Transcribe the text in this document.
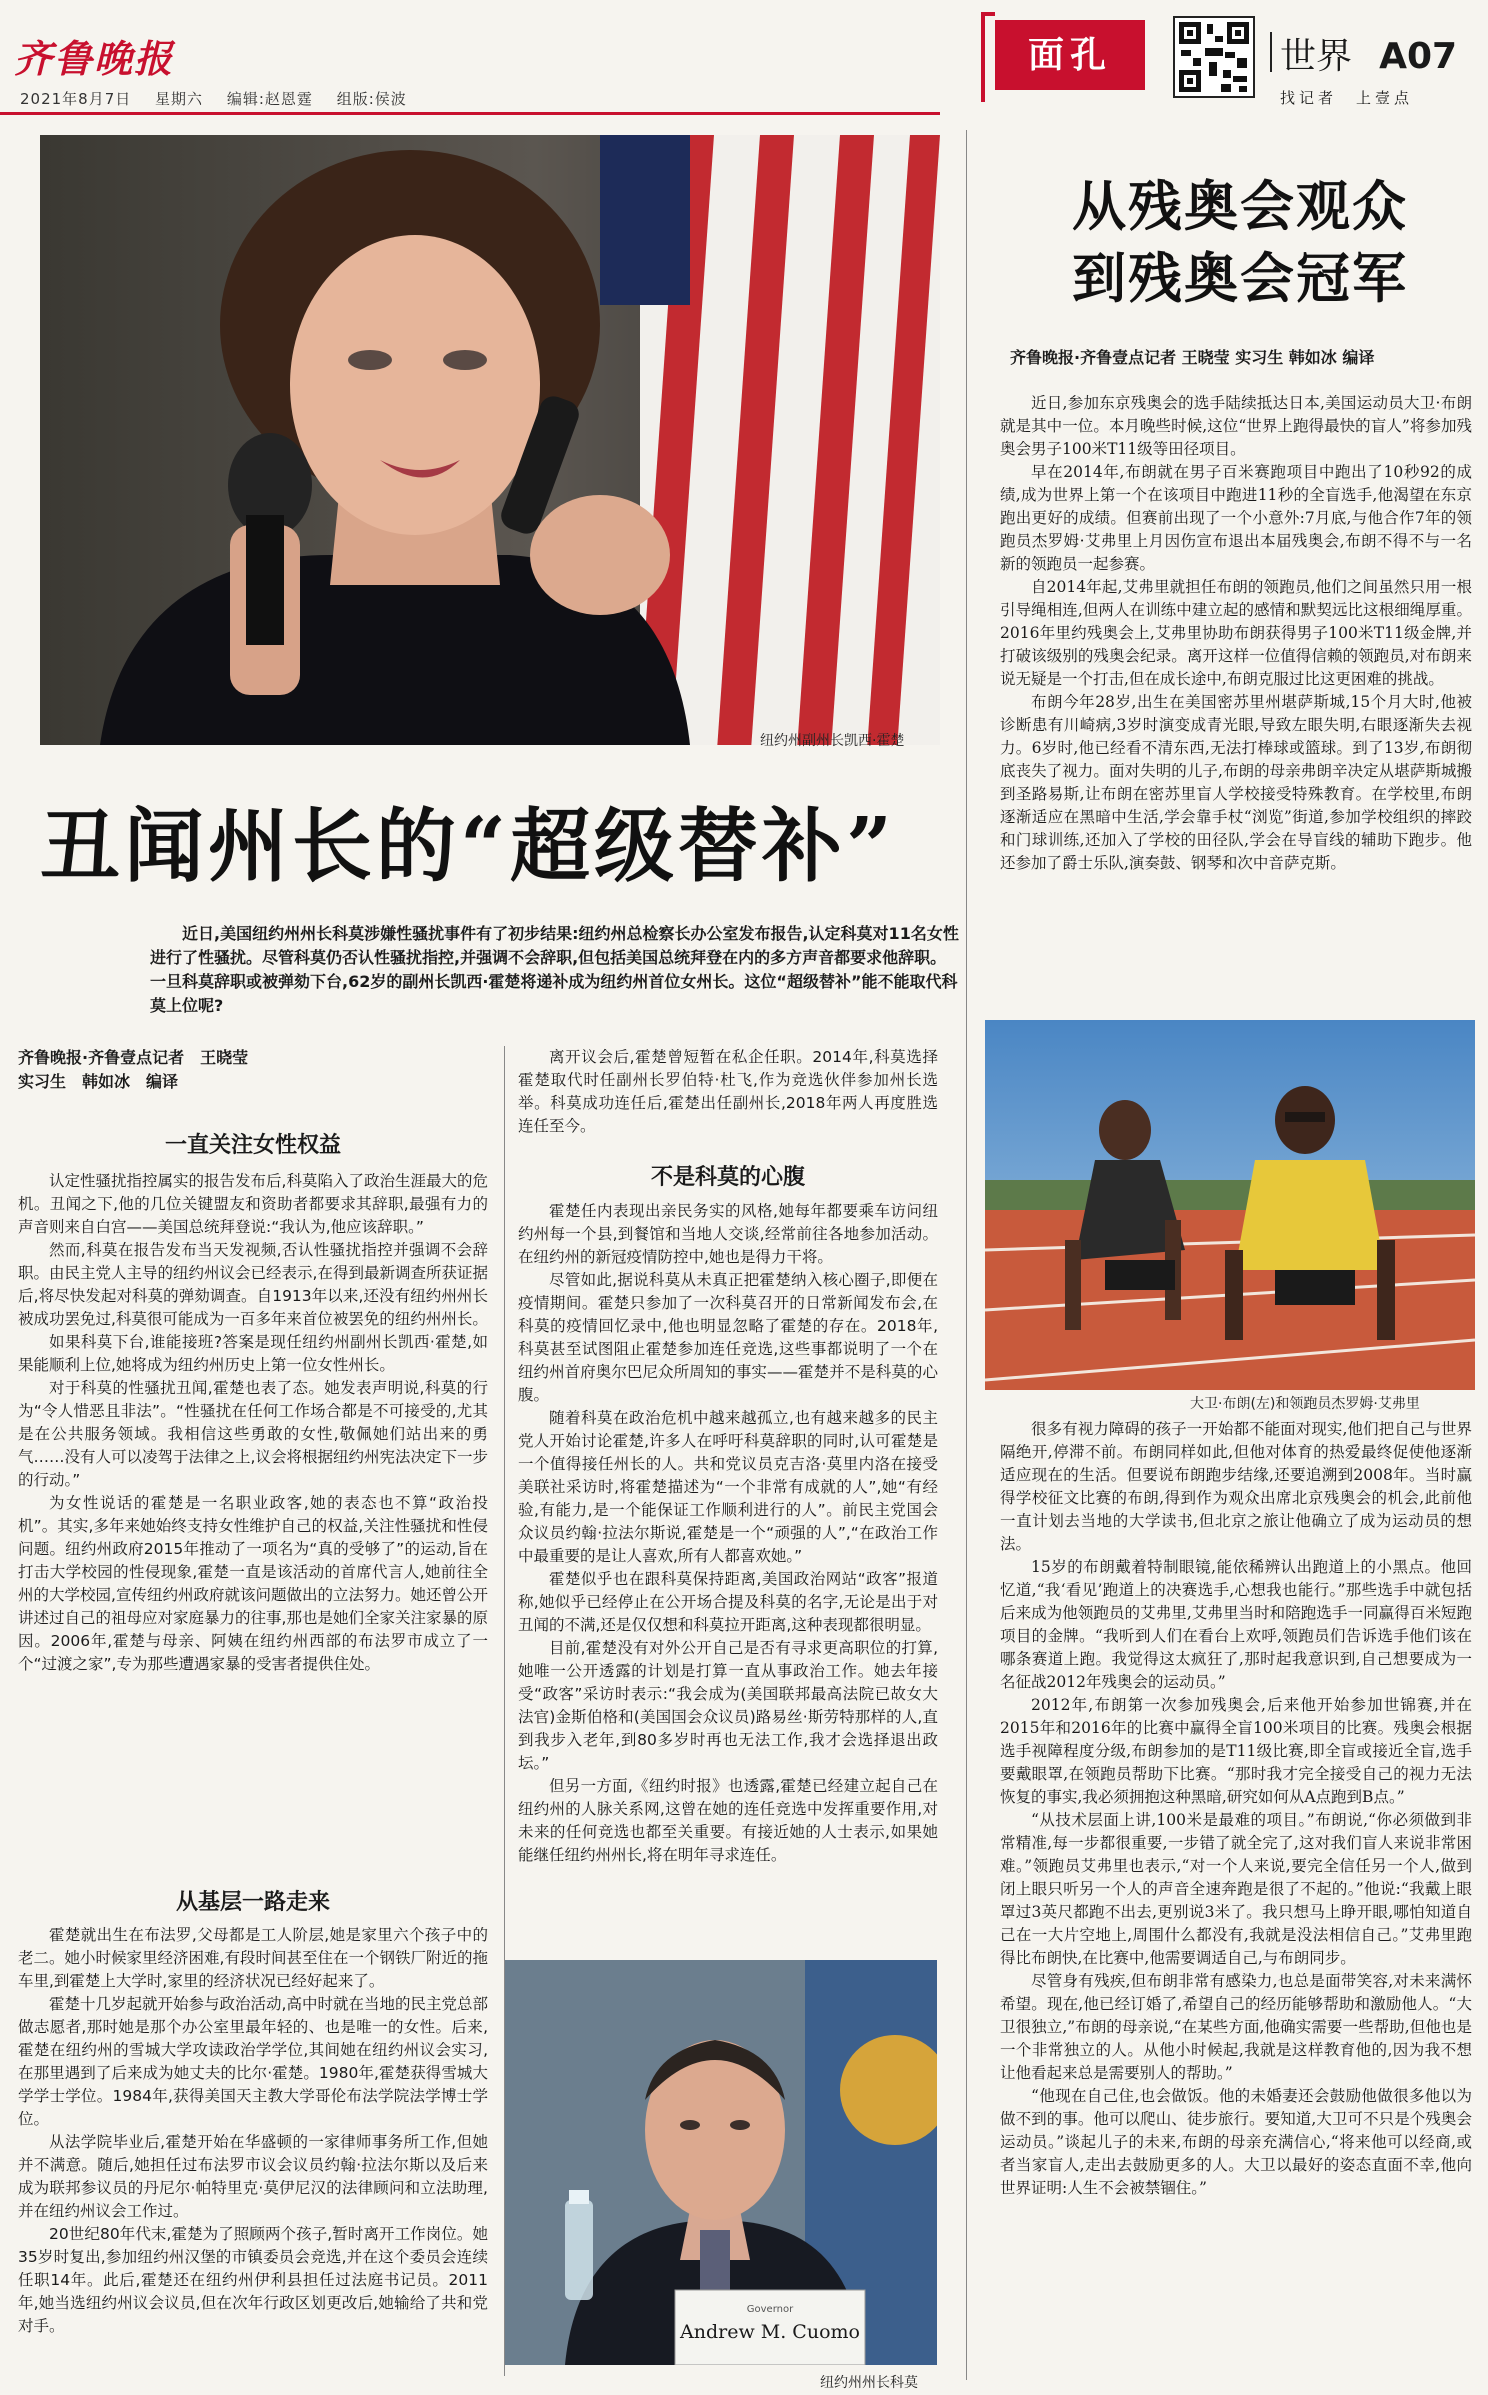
齐鲁晚报
2021年8月7日 星期六 编辑:赵恩霆 组版:侯波
面孔	世界 A07
找记者　上壹点
纽约州副州长凯西·霍楚
丑闻州长的“超级替补”
近日,美国纽约州州长科莫涉嫌性骚扰事件有了初步结果:纽约州总检察长办公室发布报告,认定科莫对11名女性进行了性骚扰。尽管科莫仍否认性骚扰指控,并强调不会辞职,但包括美国总统拜登在内的多方声音都要求他辞职。一旦科莫辞职或被弹劾下台,62岁的副州长凯西·霍楚将递补成为纽约州首位女州长。这位“超级替补”能不能取代科莫上位呢?
齐鲁晚报·齐鲁壹点记者　王晓莹
实习生　韩如冰　编译
一直关注女性权益

认定性骚扰指控属实的报告发布后,科莫陷入了政治生涯最大的危机。丑闻之下,他的几位关键盟友和资助者都要求其辞职,最强有力的声音则来自白宫——美国总统拜登说:“我认为,他应该辞职。”

然而,科莫在报告发布当天发视频,否认性骚扰指控并强调不会辞职。由民主党人主导的纽约州议会已经表示,在得到最新调查所获证据后,将尽快发起对科莫的弹劾调查。自1913年以来,还没有纽约州州长被成功罢免过,科莫很可能成为一百多年来首位被罢免的纽约州州长。

如果科莫下台,谁能接班?答案是现任纽约州副州长凯西·霍楚,如果能顺利上位,她将成为纽约州历史上第一位女性州长。

对于科莫的性骚扰丑闻,霍楚也表了态。她发表声明说,科莫的行为“令人惜恶且非法”。“性骚扰在任何工作场合都是不可接受的,尤其是在公共服务领域。我相信这些勇敢的女性,敬佩她们站出来的勇气……没有人可以凌驾于法律之上,议会将根据纽约州宪法决定下一步的行动。”

为女性说话的霍楚是一名职业政客,她的表态也不算“政治投机”。其实,多年来她始终支持女性维护自己的权益,关注性骚扰和性侵问题。纽约州政府2015年推动了一项名为“真的受够了”的运动,旨在打击大学校园的性侵现象,霍楚一直是该活动的首席代言人,她前往全州的大学校园,宣传纽约州政府就该问题做出的立法努力。她还曾公开讲述过自己的祖母应对家庭暴力的往事,那也是她们全家关注家暴的原因。2006年,霍楚与母亲、阿姨在纽约州西部的布法罗市成立了一个“过渡之家”,专为那些遭遇家暴的受害者提供住处。

从基层一路走来

霍楚就出生在布法罗,父母都是工人阶层,她是家里六个孩子中的老二。她小时候家里经济困难,有段时间甚至住在一个钢铁厂附近的拖车里,到霍楚上大学时,家里的经济状况已经好起来了。

霍楚十几岁起就开始参与政治活动,高中时就在当地的民主党总部做志愿者,那时她是那个办公室里最年轻的、也是唯一的女性。后来,霍楚在纽约州的雪城大学攻读政治学学位,其间她在纽约州议会实习,在那里遇到了后来成为她丈夫的比尔·霍楚。1980年,霍楚获得雪城大学学士学位。1984年,获得美国天主教大学哥伦布法学院法学博士学位。

从法学院毕业后,霍楚开始在华盛顿的一家律师事务所工作,但她并不满意。随后,她担任过布法罗市议会议员约翰·拉法尔斯以及后来成为联邦参议员的丹尼尔·帕特里克·莫伊尼汉的法律顾问和立法助理,并在纽约州议会工作过。

20世纪80年代末,霍楚为了照顾两个孩子,暂时离开工作岗位。她35岁时复出,参加纽约州汉堡的市镇委员会竞选,并在这个委员会连续任职14年。此后,霍楚还在纽约州伊利县担任过法庭书记员。2011年,她当选纽约州议会议员,但在次年行政区划更改后,她输给了共和党对手。

离开议会后,霍楚曾短暂在私企任职。2014年,科莫选择霍楚取代时任副州长罗伯特·杜飞,作为竞选伙伴参加州长选举。科莫成功连任后,霍楚出任副州长,2018年两人再度胜选连任至今。

不是科莫的心腹

霍楚任内表现出亲民务实的风格,她每年都要乘车访问纽约州每一个县,到餐馆和当地人交谈,经常前往各地参加活动。在纽约州的新冠疫情防控中,她也是得力干将。

尽管如此,据说科莫从未真正把霍楚纳入核心圈子,即便在疫情期间。霍楚只参加了一次科莫召开的日常新闻发布会,在科莫的疫情回忆录中,他也明显忽略了霍楚的存在。2018年,科莫甚至试图阻止霍楚参加连任竞选,这些事都说明了一个在纽约州首府奥尔巴尼众所周知的事实——霍楚并不是科莫的心腹。

随着科莫在政治危机中越来越孤立,也有越来越多的民主党人开始讨论霍楚,许多人在呼吁科莫辞职的同时,认可霍楚是一个值得接任州长的人。共和党议员克吉洛·莫里内洛在接受美联社采访时,将霍楚描述为“一个非常有成就的人”,她“有经验,有能力,是一个能保证工作顺利进行的人”。前民主党国会众议员约翰·拉法尔斯说,霍楚是一个“顽强的人”,“在政治工作中最重要的是让人喜欢,所有人都喜欢她。”

霍楚似乎也在跟科莫保持距离,美国政治网站“政客”报道称,她似乎已经停止在公开场合提及科莫的名字,无论是出于对丑闻的不满,还是仅仅想和科莫拉开距离,这种表现都很明显。

目前,霍楚没有对外公开自己是否有寻求更高职位的打算,她唯一公开透露的计划是打算一直从事政治工作。她去年接受“政客”采访时表示:“我会成为(美国联邦最高法院已故女大法官)金斯伯格和(美国国会众议员)路易丝·斯劳特那样的人,直到我步入老年,到80多岁时再也无法工作,我才会选择退出政坛。”

但另一方面,《纽约时报》也透露,霍楚已经建立起自己在纽约州的人脉关系网,这曾在她的连任竞选中发挥重要作用,对未来的任何竞选也都至关重要。有接近她的人士表示,如果她能继任纽约州州长,将在明年寻求连任。

Governor
Andrew M. Cuomo
纽约州州长科莫
从残奥会观众
到残奥会冠军
齐鲁晚报·齐鲁壹点记者 王晓莹 实习生 韩如冰 编译

近日,参加东京残奥会的选手陆续抵达日本,美国运动员大卫·布朗就是其中一位。本月晚些时候,这位“世界上跑得最快的盲人”将参加残奥会男子100米T11级等田径项目。

早在2014年,布朗就在男子百米赛跑项目中跑出了10秒92的成绩,成为世界上第一个在该项目中跑进11秒的全盲选手,他渴望在东京跑出更好的成绩。但赛前出现了一个小意外:7月底,与他合作7年的领跑员杰罗姆·艾弗里上月因伤宣布退出本届残奥会,布朗不得不与一名新的领跑员一起参赛。

自2014年起,艾弗里就担任布朗的领跑员,他们之间虽然只用一根引导绳相连,但两人在训练中建立起的感情和默契远比这根细绳厚重。2016年里约残奥会上,艾弗里协助布朗获得男子100米T11级金牌,并打破该级别的残奥会纪录。离开这样一位值得信赖的领跑员,对布朗来说无疑是一个打击,但在成长途中,布朗克服过比这更困难的挑战。

布朗今年28岁,出生在美国密苏里州堪萨斯城,15个月大时,他被诊断患有川崎病,3岁时演变成青光眼,导致左眼失明,右眼逐渐失去视力。6岁时,他已经看不清东西,无法打棒球或篮球。到了13岁,布朗彻底丧失了视力。面对失明的儿子,布朗的母亲弗朗辛决定从堪萨斯城搬到圣路易斯,让布朗在密苏里盲人学校接受特殊教育。在学校里,布朗逐渐适应在黑暗中生活,学会靠手杖“浏览”街道,参加学校组织的摔跤和门球训练,还加入了学校的田径队,学会在导盲线的辅助下跑步。他还参加了爵士乐队,演奏鼓、钢琴和次中音萨克斯。

大卫·布朗(左)和领跑员杰罗姆·艾弗里

很多有视力障碍的孩子一开始都不能面对现实,他们把自己与世界隔绝开,停滞不前。布朗同样如此,但他对体育的热爱最终促使他逐渐适应现在的生活。但要说布朗跑步结缘,还要追溯到2008年。当时赢得学校征文比赛的布朗,得到作为观众出席北京残奥会的机会,此前他一直计划去当地的大学读书,但北京之旅让他确立了成为运动员的想法。

15岁的布朗戴着特制眼镜,能依稀辨认出跑道上的小黑点。他回忆道,“我‘看见’跑道上的决赛选手,心想我也能行。”那些选手中就包括后来成为他领跑员的艾弗里,艾弗里当时和陪跑选手一同赢得百米短跑项目的金牌。“我听到人们在看台上欢呼,领跑员们告诉选手他们该在哪条赛道上跑。我觉得这太疯狂了,那时起我意识到,自己想要成为一名征战2012年残奥会的运动员。”

2012年,布朗第一次参加残奥会,后来他开始参加世锦赛,并在2015年和2016年的比赛中赢得全盲100米项目的比赛。残奥会根据选手视障程度分级,布朗参加的是T11级比赛,即全盲或接近全盲,选手要戴眼罩,在领跑员帮助下比赛。“那时我才完全接受自己的视力无法恢复的事实,我必须拥抱这种黑暗,研究如何从A点跑到B点。”

“从技术层面上讲,100米是最难的项目。”布朗说,“你必须做到非常精准,每一步都很重要,一步错了就全完了,这对我们盲人来说非常困难。”领跑员艾弗里也表示,“对一个人来说,要完全信任另一个人,做到闭上眼只听另一个人的声音全速奔跑是很了不起的。”他说:“我戴上眼罩过3英尺都跑不出去,更别说3米了。我只想马上睁开眼,哪怕知道自己在一大片空地上,周围什么都没有,我就是没法相信自己。”艾弗里跑得比布朗快,在比赛中,他需要调适自己,与布朗同步。

尽管身有残疾,但布朗非常有感染力,也总是面带笑容,对未来满怀希望。现在,他已经订婚了,希望自己的经历能够帮助和激励他人。“大卫很独立,”布朗的母亲说,“在某些方面,他确实需要一些帮助,但他也是一个非常独立的人。从他小时候起,我就是这样教育他的,因为我不想让他看起来总是需要别人的帮助。”

“他现在自己住,也会做饭。他的未婚妻还会鼓励他做很多他以为做不到的事。他可以爬山、徒步旅行。要知道,大卫可不只是个残奥会运动员。”谈起儿子的未来,布朗的母亲充满信心,“将来他可以经商,或者当家盲人,走出去鼓励更多的人。大卫以最好的姿态直面不幸,他向世界证明:人生不会被禁锢住。”
